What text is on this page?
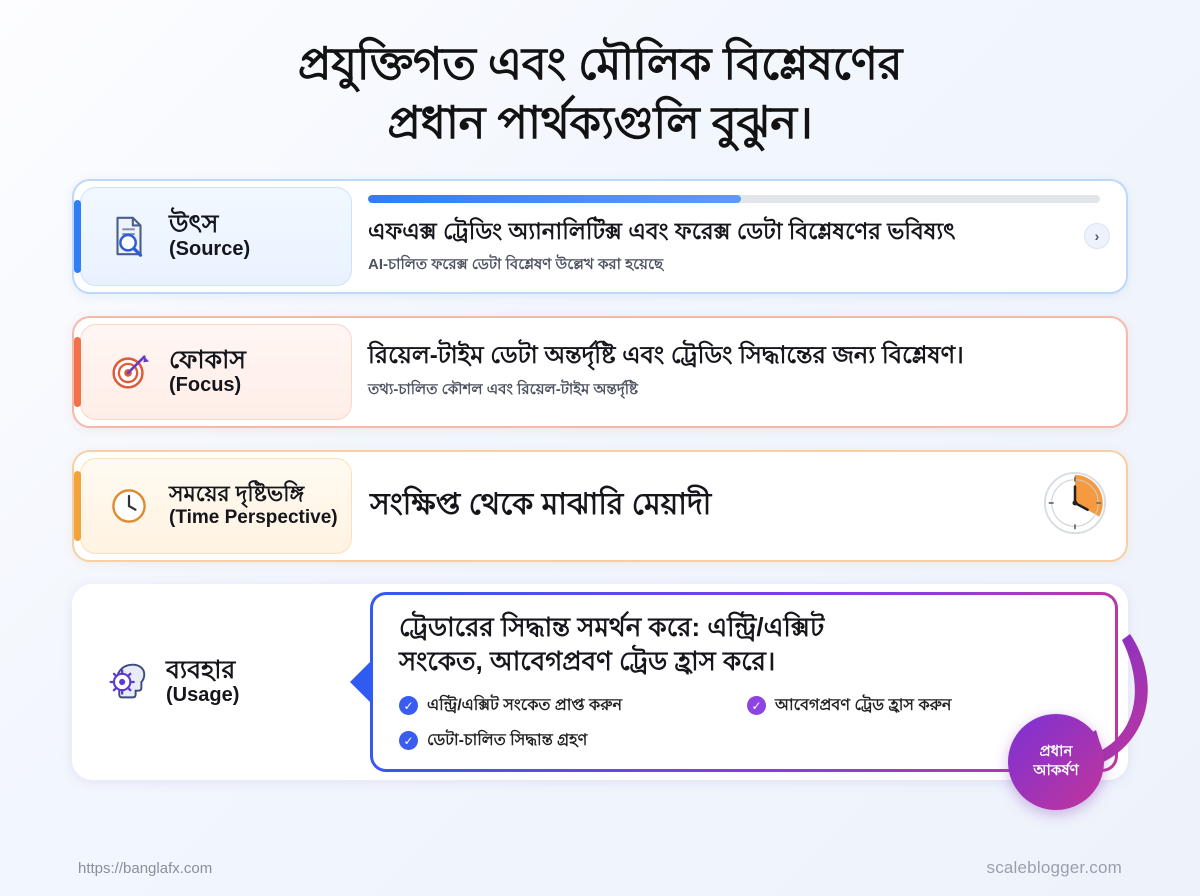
প্রযুক্তিগত এবং মৌলিক বিশ্লেষণের
প্রধান পার্থক্যগুলি বুঝুন।
উৎস
(Source)
এফএক্স ট্রেডিং অ্যানালিটিক্স এবং ফরেক্স ডেটা বিশ্লেষণের ভবিষ্যৎ
AI-চালিত ফরেক্স ডেটা বিশ্লেষণ উল্লেখ করা হয়েছে
›
ফোকাস
(Focus)
রিয়েল-টাইম ডেটা অন্তর্দৃষ্টি এবং ট্রেডিং সিদ্ধান্তের জন্য বিশ্লেষণ।
তথ্য-চালিত কৌশল এবং রিয়েল-টাইম অন্তর্দৃষ্টি
সময়ের দৃষ্টিভঙ্গি
(Time Perspective) সংক্ষিপ্ত থেকে মাঝারি মেয়াদী
ব্যবহার
(Usage)
ট্রেডারের সিদ্ধান্ত সমর্থন করে: এন্ট্রি/এক্সিট
সংকেত, আবেগপ্রবণ ট্রেড হ্রাস করে।
✓ এন্ট্রি/এক্সিট সংকেত প্রাপ্ত করুন	✓ আবেগপ্রবণ ট্রেড হ্রাস করুন
✓ ডেটা-চালিত সিদ্ধান্ত গ্রহণ
প্রধান
আকর্ষণ
https://banglafx.com	scaleblogger.com
